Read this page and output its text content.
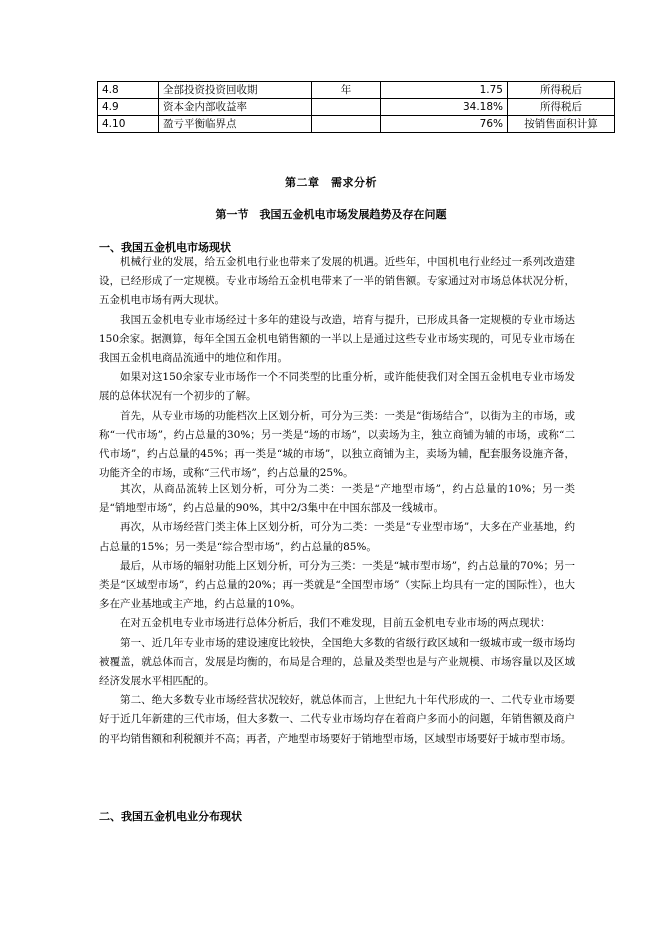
4.8	全部投资投资回收期	年	1.75	所得税后
4.9	资本金内部收益率		34.18%	所得税后
4.10	盈亏平衡临界点		76%	按销售面积计算
第二章　需求分析
第一节　我国五金机电市场发展趋势及存在问题
一、我国五金机电市场现状

机械行业的发展，给五金机电行业也带来了发展的机遇。近些年，中国机电行业经过一系列改造建设，已经形成了一定规模。专业市场给五金机电带来了一半的销售额。专家通过对市场总体状况分析，五金机电市场有两大现状。

我国五金机电专业市场经过十多年的建设与改造，培育与提升，已形成具备一定规模的专业市场达150余家。据测算，每年全国五金机电销售额的一半以上是通过这些专业市场实现的，可见专业市场在我国五金机电商品流通中的地位和作用。

如果对这150余家专业市场作一个不同类型的比重分析，或许能使我们对全国五金机电专业市场发展的总体状况有一个初步的了解。

首先，从专业市场的功能档次上区划分析，可分为三类：一类是“街场结合”，以街为主的市场，或称“一代市场”，约占总量的30%；另一类是“场的市场”，以卖场为主，独立商铺为辅的市场，或称“二代市场”，约占总量的45%；再一类是“城的市场”，以独立商铺为主，卖场为辅，配套服务设施齐备，功能齐全的市场，或称“三代市场”，约占总量的25%。

其次，从商品流转上区划分析，可分为二类：一类是“产地型市场”，约占总量的10%；另一类是“销地型市场”，约占总量的90%，其中2/3集中在中国东部及一线城市。

再次，从市场经营门类主体上区划分析，可分为二类：一类是“专业型市场”，大多在产业基地，约占总量的15%；另一类是“综合型市场”，约占总量的85%。

最后，从市场的辐射功能上区划分析，可分为三类：一类是“城市型市场”，约占总量的70%；另一类是“区域型市场”，约占总量的20%；再一类就是“全国型市场”（实际上均具有一定的国际性），也大多在产业基地或主产地，约占总量的10%。

在对五金机电专业市场进行总体分析后，我们不难发现，目前五金机电专业市场的两点现状：

第一、近几年专业市场的建设速度比较快，全国绝大多数的省级行政区域和一级城市或一级市场均被覆盖，就总体而言，发展是均衡的，布局是合理的，总量及类型也是与产业规模、市场容量以及区域经济发展水平相匹配的。

第二、绝大多数专业市场经营状况较好，就总体而言，上世纪九十年代形成的一、二代专业市场要好于近几年新建的三代市场，但大多数一、二代专业市场均存在着商户多而小的问题，年销售额及商户的平均销售额和利税额并不高；再者，产地型市场要好于销地型市场，区域型市场要好于城市型市场。

二、我国五金机电业分布现状
